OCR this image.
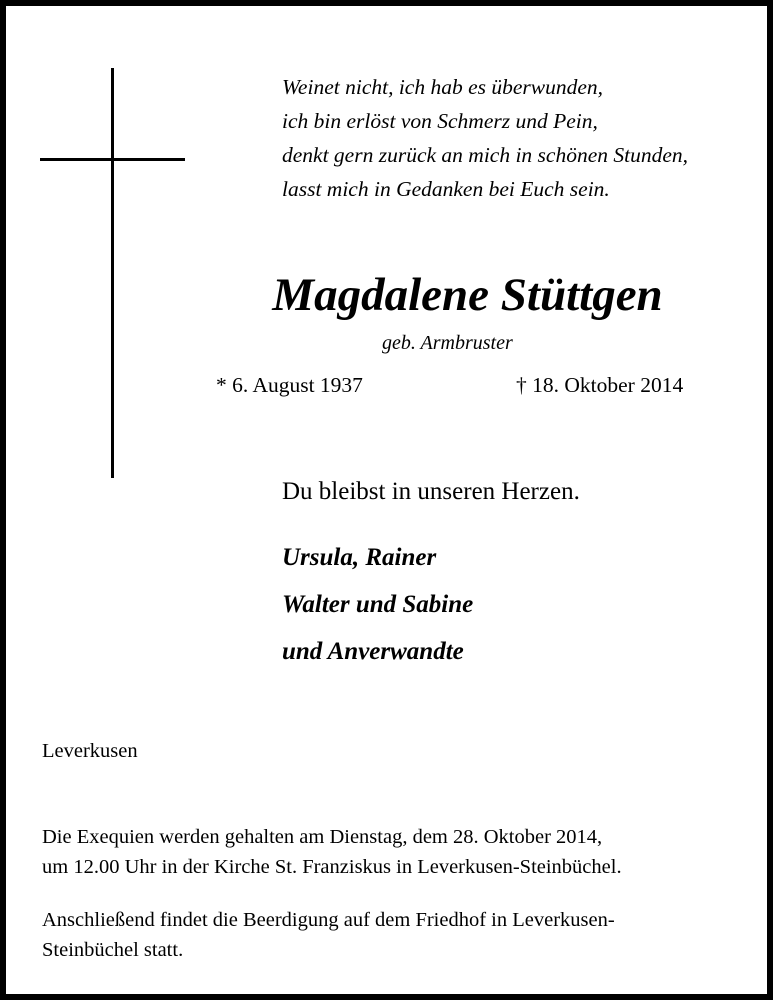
Weinet nicht, ich hab es überwunden,
ich bin erlöst von Schmerz und Pein,
denkt gern zurück an mich in schönen Stunden,
lasst mich in Gedanken bei Euch sein.
Magdalene Stüttgen
geb. Armbruster
* 6. August 1937	† 18. Oktober 2014
Du bleibst in unseren Herzen.
Ursula, Rainer
Walter und Sabine
und Anverwandte
Leverkusen
Die Exequien werden gehalten am Dienstag, dem 28. Oktober 2014,
um 12.00 Uhr in der Kirche St. Franziskus in Leverkusen-Steinbüchel.
Anschließend findet die Beerdigung auf dem Friedhof in Leverkusen-
Steinbüchel statt.
